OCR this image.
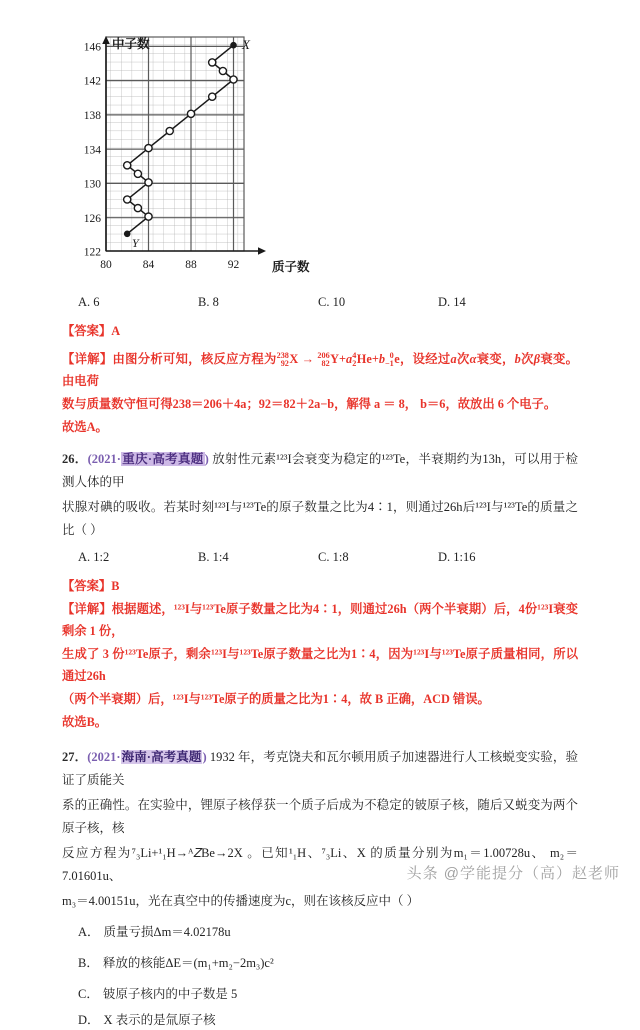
146
142
138
134
130
126
122
80	84	88	92
中子数
质子数
X
Y
A. 6	B. 8	C. 10	D. 14
【答案】A
【详解】由图分析可知，核反应方程为 238
92 X → 206
82 Y+a 4
2 He+b 0
−1 e，设经过a次α衰变，b次β衰变。由电荷
数与质量数守恒可得238＝206＋4a；92＝82＋2a−b，解得 a ＝ 8， b＝6，故放出 6 个电子。
故选A。
26．(2021·重庆·高考真题) 放射性元素¹²³I会衰变为稳定的¹²³Te，半衰期约为13h，可以用于检测人体的甲
状腺对碘的吸收。若某时刻¹²³I与¹²³Te的原子数量之比为4∶1，则通过26h后¹²³I与¹²³Te的质量之比（ ）
A. 1:2	B. 1:4	C. 1:8	D. 1:16
【答案】B
【详解】根据题述，¹²³I与¹²³Te原子数量之比为4∶1，则通过26h（两个半衰期）后，4份¹²³I衰变剩余 1 份，
生成了 3 份¹²³Te原子，剩余¹²³I与¹²³Te原子数量之比为1∶4，因为¹²³I与¹²³Te原子质量相同，所以通过26h
（两个半衰期）后，¹²³I与¹²³Te原子的质量之比为1∶4，故 B 正确，ACD 错误。
故选B。
27．(2021·海南·高考真题) 1932 年，考克饶夫和瓦尔顿用质子加速器进行人工核蜕变实验，验证了质能关
系的正确性。在实验中，锂原子核俘获一个质子后成为不稳定的铍原子核，随后又蜕变为两个原子核，核
反应方程为⁷₃Li+¹₁H→ᴬ𝑍Be→2X 。已知¹₁H、⁷₃Li、X 的质量分别为m₁＝1.00728u、 m₂＝7.01601u、
m₃＝4.00151u，光在真空中的传播速度为c，则在该核反应中（ ）
A． 质量亏损Δm＝4.02178u
B． 释放的核能ΔE＝(m₁+m₂−2m₃)c²
C． 铍原子核内的中子数是 5
D． X 表示的是氚原子核
头条 @学能提分（高）赵老师
